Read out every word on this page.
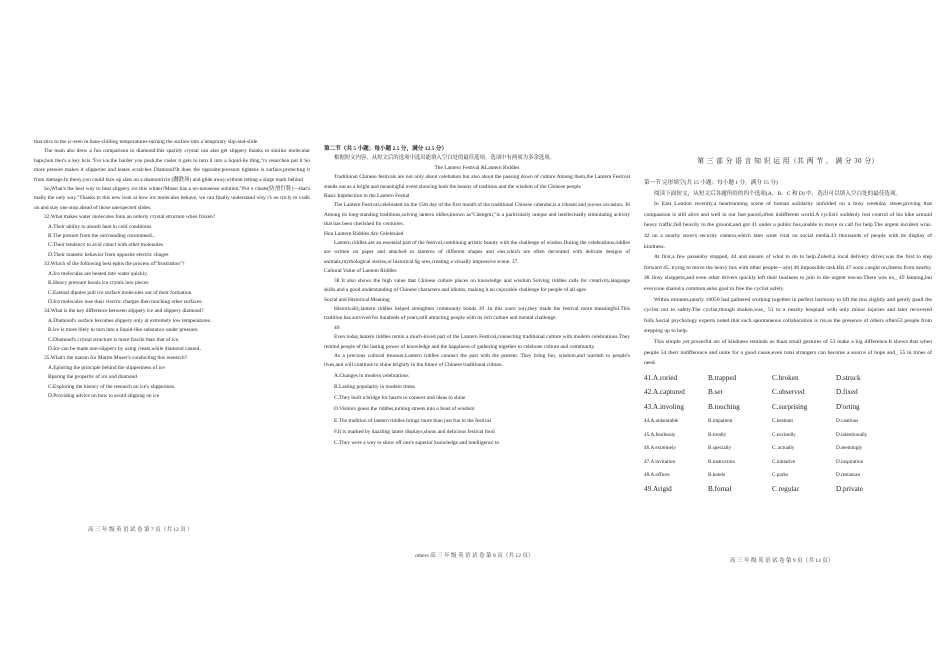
that stics to the ic-eren in bane-chilling temperatures-turning the surface into a lemporary slip-and-slide.

The team abo drew a fun comparison to diamond:this sparidy crystal can also get slippery thanks to similur molecular haps,bun ther's a key bcis."For ice,the harder you push,the casier it gets to turn il into a liquid-lie tling,"rs resarchen put it So more presure makes it slipperier and leates scralches Diamond?It does the opposite:pressure tightens is surface,protecting it from damage.In theoy,you could face op slats on a diamond rin (跚跌场) and glide away,without letting a singe mark behind

So,What's the best way to beat slippery ice this winter?Maser has a no-nonsense solution;"Put o cleats(防滑钉鞋)—that's mally the only way."Thanks to this new look at how ice molecules behave, we can finally understand why i's no tricly to vralk on and stay one stop ahead of those unexpected slides.

32.What makes water molecules fonn an orderly crystal structure when frozen?

A.Their ability to absarb heat in cold conditions

B.The presure from the surrounding cnironmenL.

C.Their tendency to avid cntuct with other moleuules

D.Their manetic behavior from opposite electric chuges

33.Which of the following best eplns the process of"frustration"?

A.Ice molecules are heated into water quickly.

B.Heavy pressure breals ice crytals into pieces

C.Eaemal dipoles pull ice surface molecules out of their formation

D.Ice molecules lose their clectric charges then touching other surfaces.

34.What is the key difference between slippery ice and slippery diamond?

A.Diamond's surface becomes slippery only at extremely low temperatures.

B.Ice is more lilely to turn into a liquid-like substance under pressure.

C.Diamond's crystal structure is more fracile than that of ice.

D.Ice can be made non-slippery by using cleats,while diamond cannoL

35.What's the mason for Martin Muser's conducting this researcli?

A.Eploring the principle behind the slipperiness of ice

Bparing the propertic of ice and diamond

C.Exploring the history of the research on ice's slipperines.

D.Providing advice on bow to avoid slipping on ice

高 三 年 级 英 语 试 卷 第 7 页（共 12 页 ）

第二节（共 5 小题；每小题 2.5 分，满分 12.5 分）

根据短文内容，从短文后的选项中选出能填入空白处的最佳选项。选项中有两项为多余选项。

The Lantern Festival &Lantern Riddles

Traditional Chinese festivals are not only about celebation but also about the passing down of culture.Among them,the Lantern Festival stands out as a bright and meaningful event,showing both the beauty of tradition and the wisdom of the Chinese people

Basic Intpduction to the Lantern Festial

The Lantern Festival,celebrated on the 15th day of the first month of the traditional Chinese calendar,is a vibrant and joyous occasion. 36 Among its long-standing traditions,solving lantern iddles,known as"Cdengmi,"is a particularly unique and intellectually stimulating activity that has been cherished for centuries.

Hou Lantern Riddles Are Celebruied

Lantern riddles are an essential part of the festival,combining artistic beauty with the challenge of wisdon During the celebrations,riddles are written on paper and attached to lanterns of different shapes and sies,which are often decorated with delicate designs of animals,mythological stories,or historical 6g ures,creating a visually impressive scene. 37.

Cultural Value of Lantem Riddles

38 It also shows the high value that Chinese culture places on knowledge and wisdom Solving riddles calls for creativity,language skills,and a good understanding of Chinese characters and idioms, making it an cnjoyable challenge for people of all ages

Social and Historical Meaning

Historically,lantern riddles helped strengthen community bonds 39 .In this warn way,they made the festival more meaningful.This tradition has survived for hundreds of years,still attracting people with its rich culture and mental challenge.

40

Even today,lantern riddles remin a much-loved part of the Lantern Festival,connecting traditional culture with modern celebrations.They remind people of the lasting power of knowledge and the happiness of gathering together to celebrate culture and community.

As a precious cultural treasure,Lantern riddles connect the past with the present. They bring fun, wisdom,and warmth to people's lives,and will continue to shine brightly in the future of Chinese traditional culture.

A.Changes in modern celebrations

B.Lasting popularity in modern times

C.They built a bridge for hearts to connect and ideas to shine

D.Visitors guess the riddles,turning streets into a feast of wisdom

E.The tradition of lantern riddles brings more than just fun to the festival

F.It is marked by dazzling lanter displays,shous and delicious festival food

C.They were a wey to show off one's superior knowledge and intelligence to

others 高 三 年 级 英 语 试 卷 第 8 页（共 12 页）

第 三 部 分 语 言 知 识 运 用（共 两 节 ， 满 分 30 分）

第一节 完形填空(共 15 小题；每小题 1 分，满分 15 分)

阅读下面短文，从短文后各题所给的四个选项(A、B、C 和 D) 中，选出可以填入空白处的最佳选项。

In East London recently,a heartrunning scene of human solidarity unfolded on a busy weekday street,proving that compassion is still alive and well in our fast-paced,often indifferent world.A cyclist1 suddenly lost control of his bike armuid heavy traffic,fell heavily to the ground,and got 41 under a public bus,unable to move or call for help.The urgent incident wras. 42 on a nearby store's security camera,which later went viral on social media.43 thousands of people with its display of kindness.

At first,a few passenby stopped, 44 and unsure of what to do to help.Zohe0,a local delivery driver,was the first to step forward 45 .trying to move the heavy bus with other people—a(n) 46 impossible task.His 47 soon caught on,theess from nearby. 48 Jinsy shoppers,and even other drivers quickly left their business to join in the urgent rescue.There was no_ 49 fanning,but everyone shared a common,selss goal:to free the cyclist safely.

Within minutes,nearly 10050 had gathered working together in perfect harmony to lift the bus slightly and gently paull the cyclist out to safety.The cyclist,though shaken,was_ 51 to a nearby hospianl with only minor injuries and later recovered fully.Social psychology experts noted that such spontaneous collaboration is rre,as the presence of others often52 people from stepping up to help.

This simple yet powerful act of kindness reminds us thaat small gestures of 53 make a big difference.It shows that when people 54 their indifference and unite for a good cause,even total strangers can become a source of hope and_ 55 in times of need.

41.A.roried	B.trapped	C.broken	D.struck
42.A.captured	B.set	C.observed	D.fixed
43.A.involing	B.touching	C.surprising	D'orting
44.A.unbearable	B.impatient	C.hesitant	D.cautious
45.A.fearlessly	B.tiredly	C.excitedly	D.intentionally
46.A extremely	B.specially	C. actually	D.seemingly
47.A invitation	B.instruction	C.initiative	D.inspiration
48.A.offices	B.hotels	C.parks	D.restauran
49.Arigid	B.fomal	C regular	D.private
高 三 年 级 英 语 试 卷 第 9 页（共 12 页）
